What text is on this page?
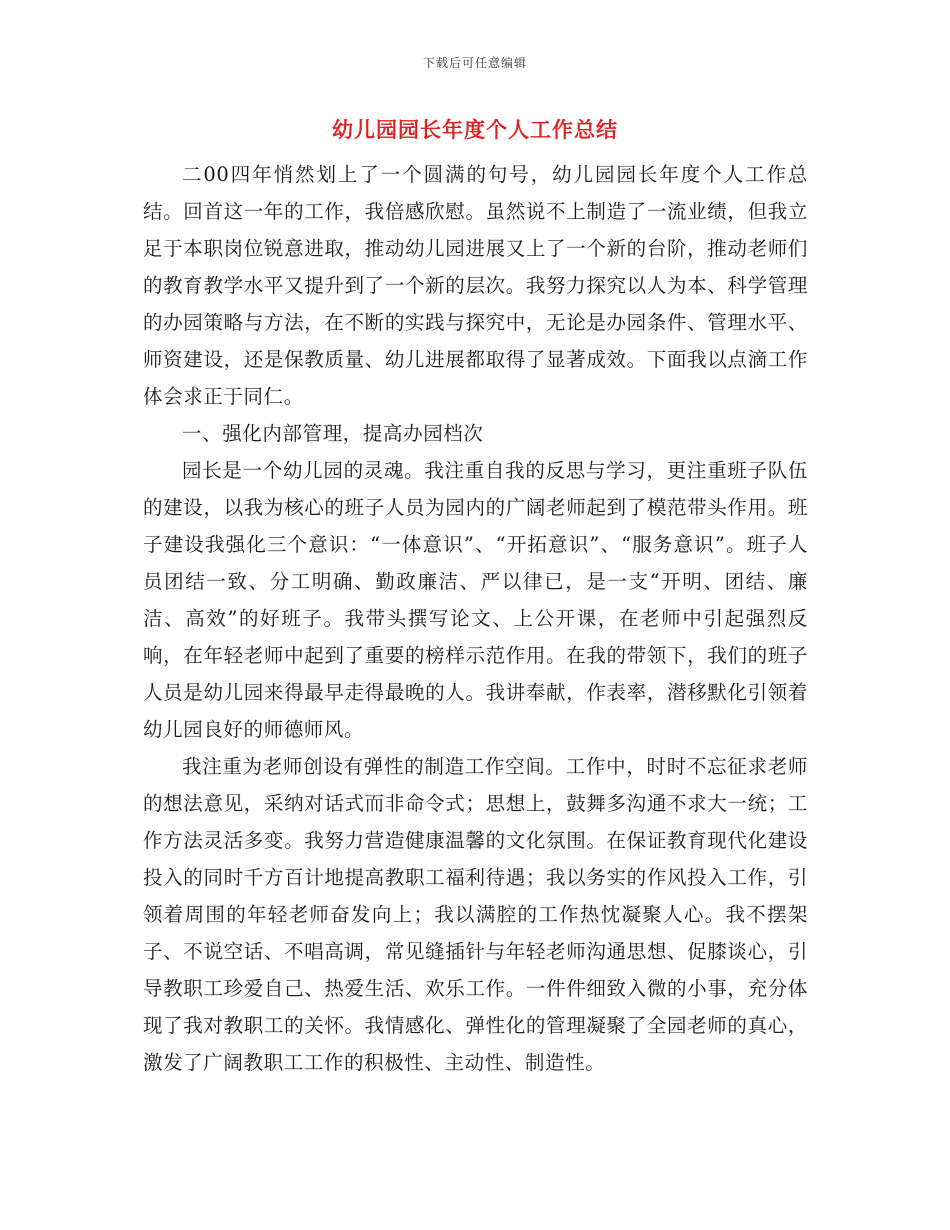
下载后可任意编辑
幼儿园园长年度个人工作总结

二00四年悄然划上了一个圆满的句号，幼儿园园长年度个人工作总结。回首这一年的工作，我倍感欣慰。虽然说不上制造了一流业绩，但我立足于本职岗位锐意进取，推动幼儿园进展又上了一个新的台阶，推动老师们的教育教学水平又提升到了一个新的层次。我努力探究以人为本、科学管理的办园策略与方法，在不断的实践与探究中，无论是办园条件、管理水平、师资建设，还是保教质量、幼儿进展都取得了显著成效。下面我以点滴工作体会求正于同仁。

一、强化内部管理，提高办园档次

园长是一个幼儿园的灵魂。我注重自我的反思与学习，更注重班子队伍的建设，以我为核心的班子人员为园内的广阔老师起到了模范带头作用。班子建设我强化三个意识：“一体意识”、“开拓意识”、“服务意识”。班子人员团结一致、分工明确、勤政廉洁、严以律已，是一支“开明、团结、廉洁、高效”的好班子。我带头撰写论文、上公开课，在老师中引起强烈反响，在年轻老师中起到了重要的榜样示范作用。在我的带领下，我们的班子人员是幼儿园来得最早走得最晚的人。我讲奉献，作表率，潜移默化引领着幼儿园良好的师德师风。

我注重为老师创设有弹性的制造工作空间。工作中，时时不忘征求老师的想法意见，采纳对话式而非命令式；思想上，鼓舞多沟通不求大一统；工作方法灵活多变。我努力营造健康温馨的文化氛围。在保证教育现代化建设投入的同时千方百计地提高教职工福利待遇；我以务实的作风投入工作，引领着周围的年轻老师奋发向上；我以满腔的工作热忱凝聚人心。我不摆架子、不说空话、不唱高调，常见缝插针与年轻老师沟通思想、促膝谈心，引导教职工珍爱自己、热爱生活、欢乐工作。一件件细致入微的小事，充分体现了我对教职工的关怀。我情感化、弹性化的管理凝聚了全园老师的真心，激发了广阔教职工工作的积极性、主动性、制造性。
